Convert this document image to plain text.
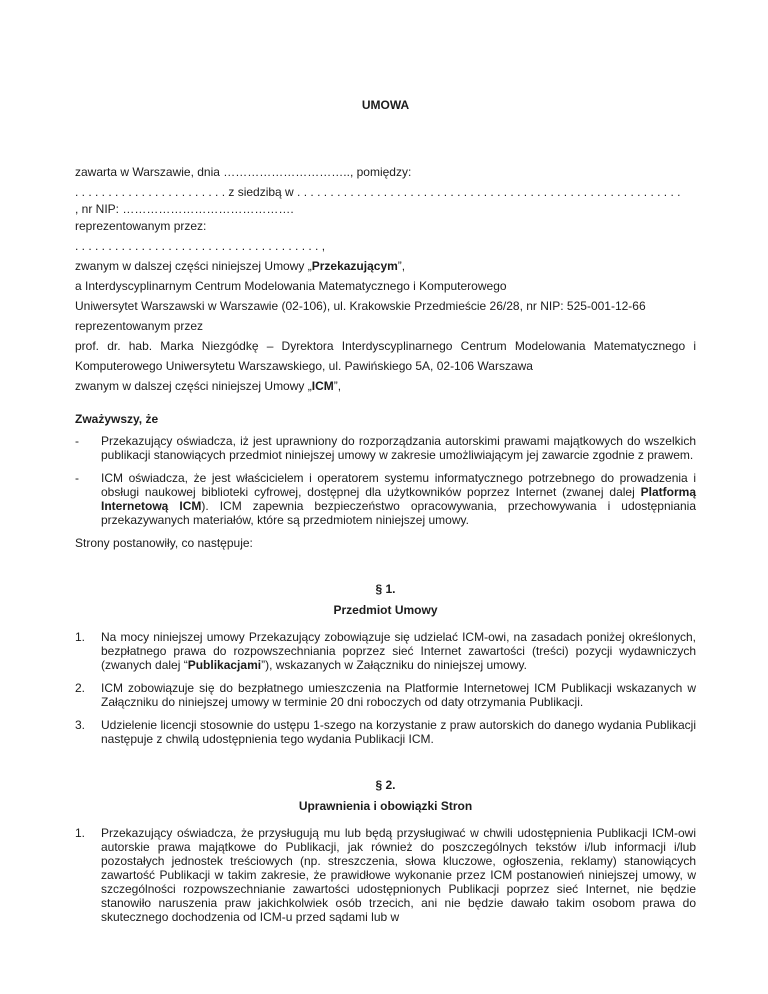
UMOWA

zawarta w Warszawie, dnia ………………………….., pomiędzy:

. . . . . . . . . . . . . . . . . . . . . . . z siedzibą w . . . . . . . . . . . . . . . . . . . . . . . . . . . . . . . . . . . . . . . . . . . . . . . . . . . . . . . . . .

, nr NIP: …………………………………….

reprezentowanym przez:

. . . . . . . . . . . . . . . . . . . . . . . . . . . . . . . . . . . . . ,

zwanym w dalszej części niniejszej Umowy „Przekazującym”,

a Interdyscyplinarnym Centrum Modelowania Matematycznego i Komputerowego

Uniwersytet Warszawski w Warszawie (02-106), ul. Krakowskie Przedmieście 26/28, nr NIP: 525-001-12-66

reprezentowanym przez

prof. dr. hab. Marka Niezgódkę – Dyrektora Interdyscyplinarnego Centrum Modelowania Matematycznego i Komputerowego Uniwersytetu Warszawskiego, ul. Pawińskiego 5A, 02-106 Warszawa

zwanym w dalszej części niniejszej Umowy „ICM”,

Zważywszy, że

-	Przekazujący oświadcza, iż jest uprawniony do rozporządzania autorskimi prawami majątkowych do wszelkich publikacji stanowiących przedmiot niniejszej umowy w zakresie umożliwiającym jej zawarcie zgodnie z prawem.
-	ICM oświadcza, że jest właścicielem i operatorem systemu informatycznego potrzebnego do prowadzenia i obsługi naukowej biblioteki cyfrowej, dostępnej dla użytkowników poprzez Internet (zwanej dalej Platformą Internetową ICM). ICM zapewnia bezpieczeństwo opracowywania, przechowywania i udostępniania przekazywanych materiałów, które są przedmiotem niniejszej umowy.

Strony postanowiły, co następuje:

§ 1.

Przedmiot Umowy

1.	Na mocy niniejszej umowy Przekazujący zobowiązuje się udzielać ICM-owi, na zasadach poniżej określonych, bezpłatnego prawa do rozpowszechniania poprzez sieć Internet zawartości (treści) pozycji wydawniczych (zwanych dalej “Publikacjami”), wskazanych w Załączniku do niniejszej umowy.
2.	ICM zobowiązuje się do bezpłatnego umieszczenia na Platformie Internetowej ICM Publikacji wskazanych w Załączniku do niniejszej umowy w terminie 20 dni roboczych od daty otrzymania Publikacji.
3.	Udzielenie licencji stosownie do ustępu 1-szego na korzystanie z praw autorskich do danego wydania Publikacji następuje z chwilą udostępnienia tego wydania Publikacji ICM.

§ 2.

Uprawnienia i obowiązki Stron

1.	Przekazujący oświadcza, że przysługują mu lub będą przysługiwać w chwili udostępnienia Publikacji ICM-owi autorskie prawa majątkowe do Publikacji, jak również do poszczególnych tekstów i/lub informacji i/lub pozostałych jednostek treściowych (np. streszczenia, słowa kluczowe, ogłoszenia, reklamy) stanowiących zawartość Publikacji w takim zakresie, że prawidłowe wykonanie przez ICM postanowień niniejszej umowy, w szczególności rozpowszechnianie zawartości udostępnionych Publikacji poprzez sieć Internet, nie będzie stanowiło naruszenia praw jakichkolwiek osób trzecich, ani nie będzie dawało takim osobom prawa do skutecznego dochodzenia od ICM-u przed sądami lub w
